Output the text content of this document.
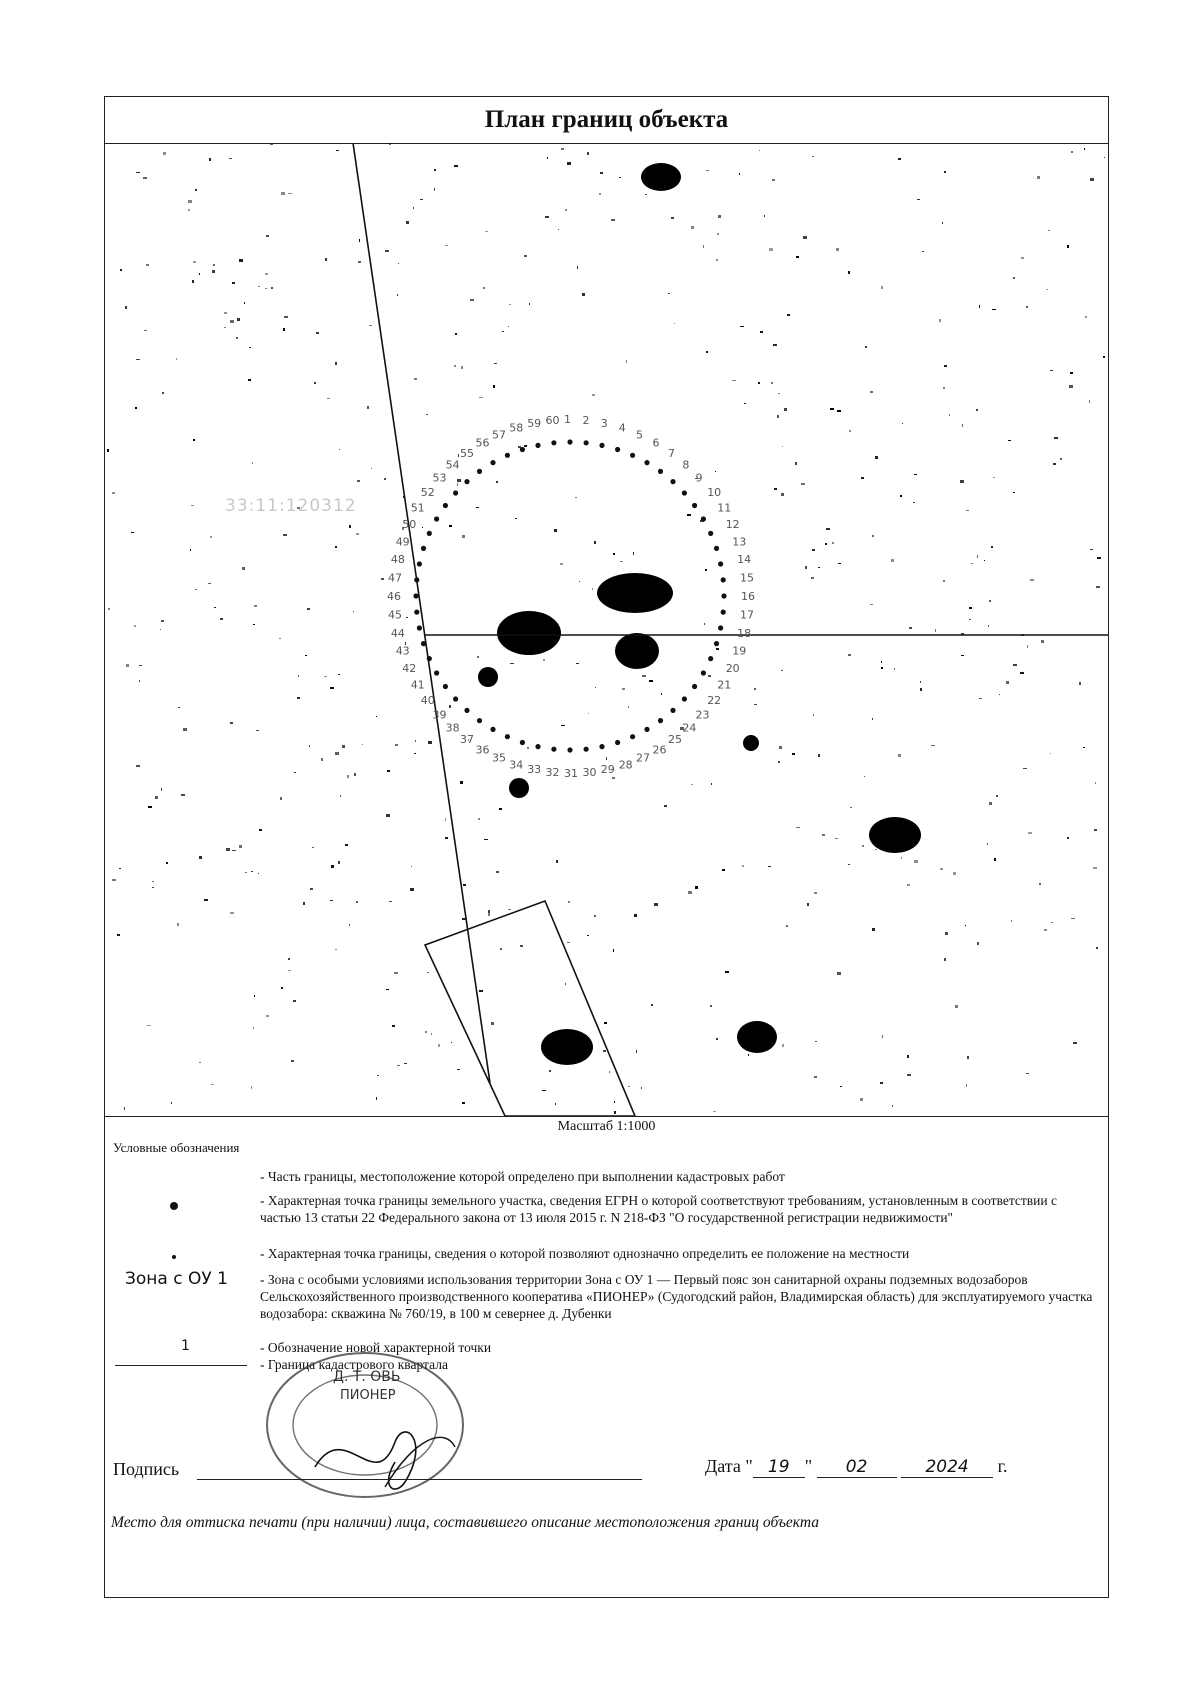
План границ объекта
33:11:120312
1 2 3 4
5
6
7
8
9
10
11
12
13
14
15
16
17
18
19
20
21
22
23
24
25
26
27
28
29
30
31
32
33
34
35
36
37
38
39
40
41
42
43
44
45
46
47
48
49
50
51
52
53
54
55
56
57
58 59 60
Масштаб 1:1000
Условные обозначения
- Часть границы, местоположение которой определено при выполнении кадастровых работ
- Характерная точка границы земельного участка, сведения ЕГРН о которой соответствуют требованиям, установленным в соответствии с частью 13 статьи 22 Федерального закона от 13 июля 2015 г. N 218-ФЗ "О государственной регистрации недвижимости"
- Характерная точка границы, сведения о которой позволяют однозначно определить ее положение на местности
Зона с ОУ 1 - Зона с особыми условиями использования территории Зона с ОУ 1 — Первый пояс зон санитарной охраны подземных водозаборов Сельскохозяйственного производственного кооператива «ПИОНЕР» (Судогодский район, Владимирская область) для эксплуатируемого участка водозабора: скважина № 760/19, в 100 м севернее д. Дубенки
1	- Обозначение новой характерной точки
- Граница кадастрового квартала
Д. Т. ОВЬ
ПИОНЕР
Подпись	Дата " 19 " 02	2024 г.
Место для оттиска печати (при наличии) лица, составившего описание местоположения границ объекта
